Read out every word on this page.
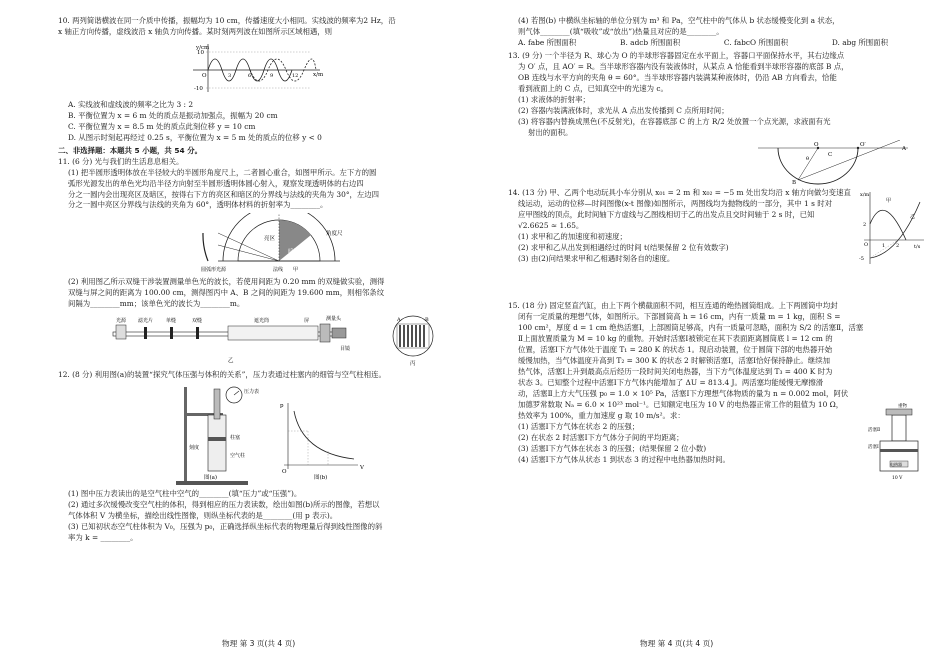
10. 两列简谐横波在同一介质中传播，振幅均为 10 cm，传播速度大小相同。实线波的频率为2 Hz，沿
x 轴正方向传播，虚线波沿 x 轴负方向传播。某时刻两列波在如图所示区域相遇，则
y/cm
x/m
10
-10
O	3	6	9	12
A. 实线波和虚线波的频率之比为 3 : 2
B. 平衡位置为 x = 6 m 处的质点是振动加强点，振幅为 20 cm
C. 平衡位置为 x = 8.5 m 处的质点此刻位移 y = 10 cm
D. 从图示时刻起再经过 0.25 s，平衡位置为 x = 5 m 处的质点的位移 y < 0
二、非选择题：本题共 5 小题，共 54 分。
11. (6 分) 光与我们的生活息息相关。
(1) 把半圆形透明体放在半径较大的半圆形角度尺上，二者圆心重合，如图甲所示。左下方的圆
弧形光源发出的单色光均沿半径方向射至半圆形透明体圆心射入，观察发现透明体的右边四
分之一圆内会出现亮区及暗区，按得右下方的亮区和暗区的分界线与法线的夹角为 30°，左边四
分之一圆中亮区分界线与法线的夹角为 60°，透明体材料的折射率为________。
亮区
暗区
角度尺
圆弧形光源	法线 甲
(2) 利用图乙所示双缝干涉装置测量单色光的波长，若使用间距为 0.20 mm 的双缝做实验，测得
双缝与屏之间的距离为 100.00 cm，测得图丙中 A、B 之间的间距为 19.600 mm，则相邻条纹
间隔为________mm；该单色光的波长为________m。
光源 滤光片	单缝	双缝	遮光筒	屏	测量头
目镜
乙
A	B
丙
12. (8 分) 利用图(a)的装置“探究气体压强与体积的关系”，压力表通过柱塞内的细管与空气柱相连。
压力表
柱塞
空气柱
刻度
图(a)
p
V
O
图(b)
(1) 图中压力表读出的是空气柱中空气的________(填“压力”或“压强”)。
(2) 通过多次缓慢改变空气柱的体积，得到相应的压力表读数，绘出如图(b)所示的图像，若想以
气体体积 V 为横坐标，描绘出线性图像，则纵坐标代表的是________(用 p 表示)。
(3) 已知初状态空气柱体积为 V₀，压强为 p₀，正确选择纵坐标代表的物理量后得到线性图像的斜
率为 k = ________。
(4) 若图(b) 中横纵坐标轴的单位分别为 m³ 和 Pa，空气柱中的气体从 b 状态缓慢变化到 a 状态，
则气体________(填“吸收”或“放出”)热量且对应的是________。
A. fabe 所围面积	B. adcb 所围面积	C. fabcO 所围面积	D. abg 所围面积
13. (9 分) 一个半径为 R、球心为 O 的半球形容器固定在水平面上，容器口平面保持水平，其右边缘点
为 O′ 点，且 AO′ = R。当半球形容器内没有装液体时，从某点 A 恰能看到半球形容器的底部 B 点，
OB 连线与水平方向的夹角 θ = 60°。当半球形容器内装满某种液体时，仍沿 AB 方向看去，恰能
看到液面上的 C 点，已知真空中的光速为 c。
(1) 求液体的折射率；
(2) 容器内装满液体时，求光从 A 点出发传播到 C 点所用时间；
(3) 将容器内替换成黑色(不反射光)，在容器底部 C 的上方 R/2 处放置一个点光源，求液面有光
射出的面积。
A
O	O′
B
C
θ
14. (13 分) 甲、乙两个电动玩具小车分别从 x₀₁ = 2 m 和 x₀₂ = −5 m 处出发均沿 x 轴方向做匀变速直
线运动，运动的位移—时间图像(x-t 图像)如图所示，两图线均为抛物线的一部分，其中 1 s 时对
应甲图线的顶点，此时间轴下方虚线与乙图线相切于乙的出发点且交时间轴于 2 s 时，已知
√2.6625 ≈ 1.65。
(1) 求甲和乙的加速度和初速度；
(2) 求甲和乙从出发到相遇经过的时间 t(结果保留 2 位有效数字)
(3) 由(2)问结果求甲和乙相遇时刻各自的速度。
x/m
t/s
O
甲
乙
2
-5
1 2
15. (18 分) 固定竖直汽缸，由上下两个横截面积不同，相互连通的绝热圆筒组成。上下两圆筒中均封
闭有一定质量的理想气体，如图所示。下部圆筒高 h = 16 cm，内有一质量 m = 1 kg，面积 S =
100 cm²，厚度 d = 1 cm 绝热活塞Ⅰ，上部圆筒足够高，内有一质量可忽略，面积为 S/2 的活塞Ⅱ，活塞
Ⅱ上面放置质量为 M = 10 kg 的重物。开始时活塞Ⅰ被锁定在其下表面距离圆筒底 l = 12 cm 的
位置，活塞Ⅰ下方气体处于温度 T₁ = 280 K 的状态 1。现启动装置，位于圆筒下部的电热器开始
缓慢加热，当气体温度升高到 T₂ = 300 K 的状态 2 时解锁活塞Ⅰ，活塞Ⅰ恰好保持静止。继续加
热气体，活塞Ⅰ上升到最高点后经历一段时间关闭电热器，当下方气体温度达到 T₃ = 400 K 时为
状态 3。已知整个过程中活塞Ⅰ下方气体内能增加了 ΔU = 813.4 J。两活塞均能缓慢无摩擦滑
动，活塞Ⅱ上方大气压强 p₀ = 1.0 × 10⁵ Pa，活塞Ⅰ下方理想气体物质的量为 n = 0.002 mol，阿伏
加德罗常数取 Nₐ = 6.0 × 10²³ mol⁻¹。已知额定电压为 10 V 的电热器正常工作的阻值为 10 Ω，
热效率为 100%，重力加速度 g 取 10 m/s²。求：
(1) 活塞Ⅰ下方气体在状态 2 的压强；
(2) 在状态 2 时活塞Ⅰ下方气体分子间的平均距离；
(3) 活塞Ⅰ下方气体在状态 3 的压强；(结果保留 2 位小数)
(4) 活塞Ⅰ下方气体从状态 1 到状态 3 的过程中电热器加热时间。
重物
活塞Ⅱ
活塞Ⅰ
电热器
10 V
物理 第 3 页(共 4 页)	物理 第 4 页(共 4 页)
